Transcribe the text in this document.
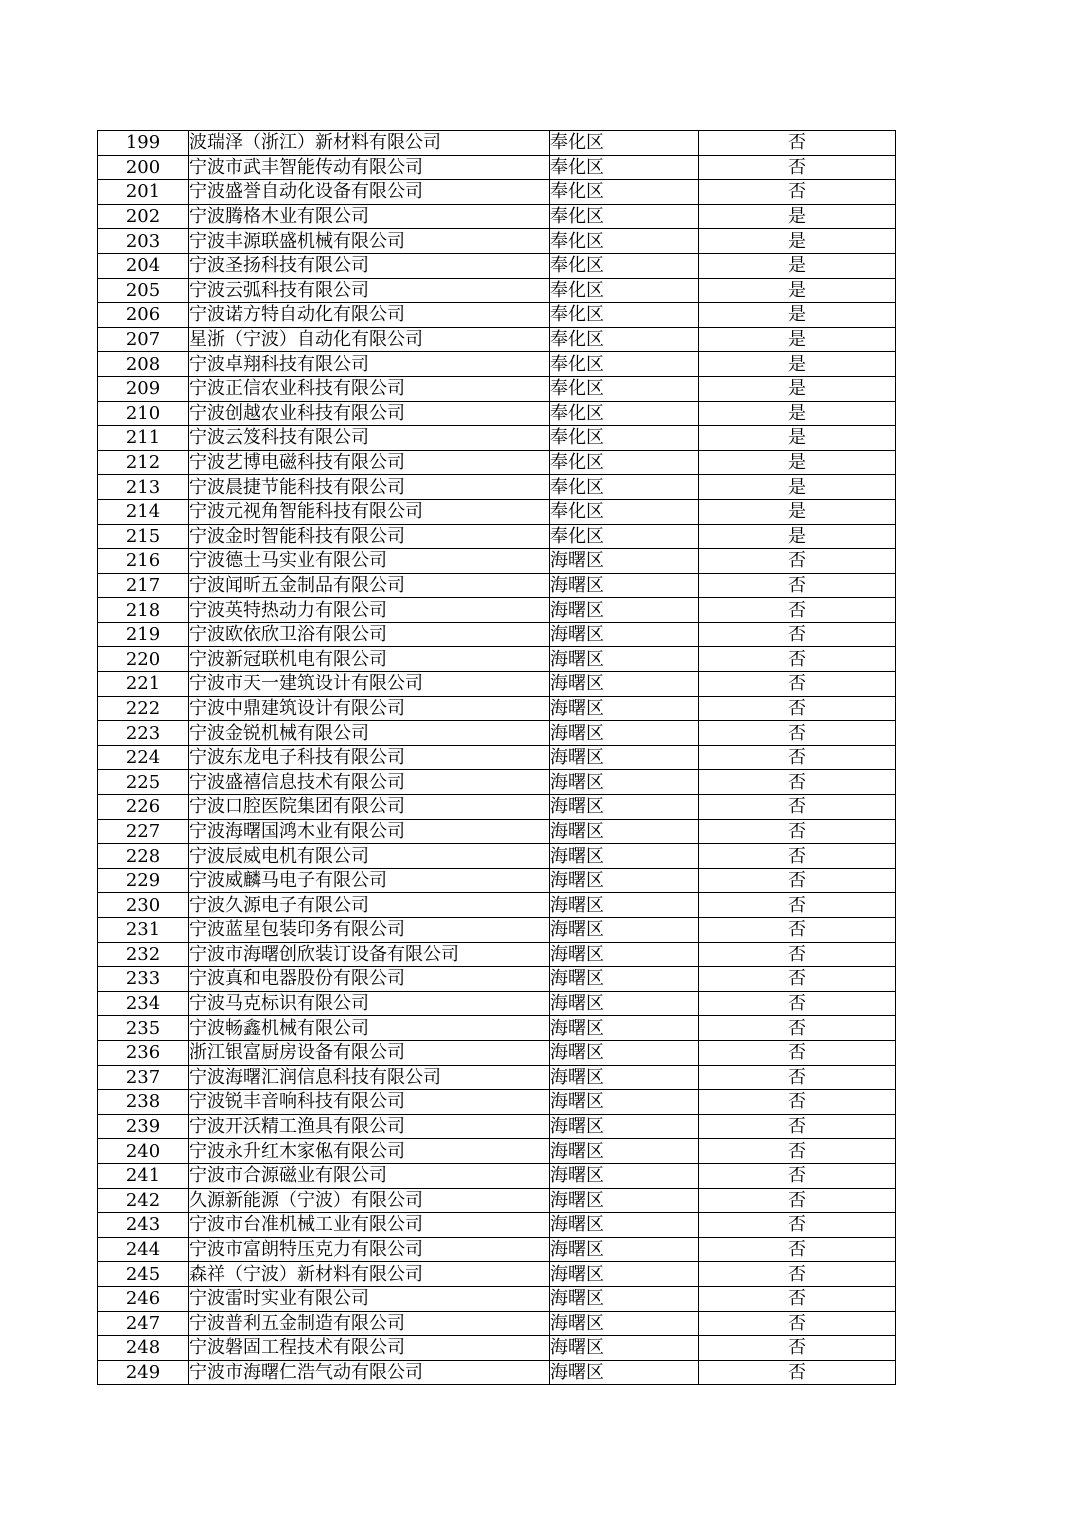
199	波瑞泽（浙江）新材料有限公司	奉化区	否
200	宁波市武丰智能传动有限公司	奉化区	否
201	宁波盛誉自动化设备有限公司	奉化区	否
202	宁波腾格木业有限公司	奉化区	是
203	宁波丰源联盛机械有限公司	奉化区	是
204	宁波圣扬科技有限公司	奉化区	是
205	宁波云弧科技有限公司	奉化区	是
206	宁波诺方特自动化有限公司	奉化区	是
207	星浙（宁波）自动化有限公司	奉化区	是
208	宁波卓翔科技有限公司	奉化区	是
209	宁波正信农业科技有限公司	奉化区	是
210	宁波创越农业科技有限公司	奉化区	是
211	宁波云笈科技有限公司	奉化区	是
212	宁波艺博电磁科技有限公司	奉化区	是
213	宁波晨捷节能科技有限公司	奉化区	是
214	宁波元视角智能科技有限公司	奉化区	是
215	宁波金时智能科技有限公司	奉化区	是
216	宁波德士马实业有限公司	海曙区	否
217	宁波闻昕五金制品有限公司	海曙区	否
218	宁波英特热动力有限公司	海曙区	否
219	宁波欧依欣卫浴有限公司	海曙区	否
220	宁波新冠联机电有限公司	海曙区	否
221	宁波市天一建筑设计有限公司	海曙区	否
222	宁波中鼎建筑设计有限公司	海曙区	否
223	宁波金锐机械有限公司	海曙区	否
224	宁波东龙电子科技有限公司	海曙区	否
225	宁波盛禧信息技术有限公司	海曙区	否
226	宁波口腔医院集团有限公司	海曙区	否
227	宁波海曙国鸿木业有限公司	海曙区	否
228	宁波辰威电机有限公司	海曙区	否
229	宁波威麟马电子有限公司	海曙区	否
230	宁波久源电子有限公司	海曙区	否
231	宁波蓝星包装印务有限公司	海曙区	否
232	宁波市海曙创欣装订设备有限公司	海曙区	否
233	宁波真和电器股份有限公司	海曙区	否
234	宁波马克标识有限公司	海曙区	否
235	宁波畅鑫机械有限公司	海曙区	否
236	浙江银富厨房设备有限公司	海曙区	否
237	宁波海曙汇润信息科技有限公司	海曙区	否
238	宁波锐丰音响科技有限公司	海曙区	否
239	宁波开沃精工渔具有限公司	海曙区	否
240	宁波永升红木家俬有限公司	海曙区	否
241	宁波市合源磁业有限公司	海曙区	否
242	久源新能源（宁波）有限公司	海曙区	否
243	宁波市台准机械工业有限公司	海曙区	否
244	宁波市富朗特压克力有限公司	海曙区	否
245	森祥（宁波）新材料有限公司	海曙区	否
246	宁波雷时实业有限公司	海曙区	否
247	宁波普利五金制造有限公司	海曙区	否
248	宁波磐固工程技术有限公司	海曙区	否
249	宁波市海曙仁浩气动有限公司	海曙区	否
